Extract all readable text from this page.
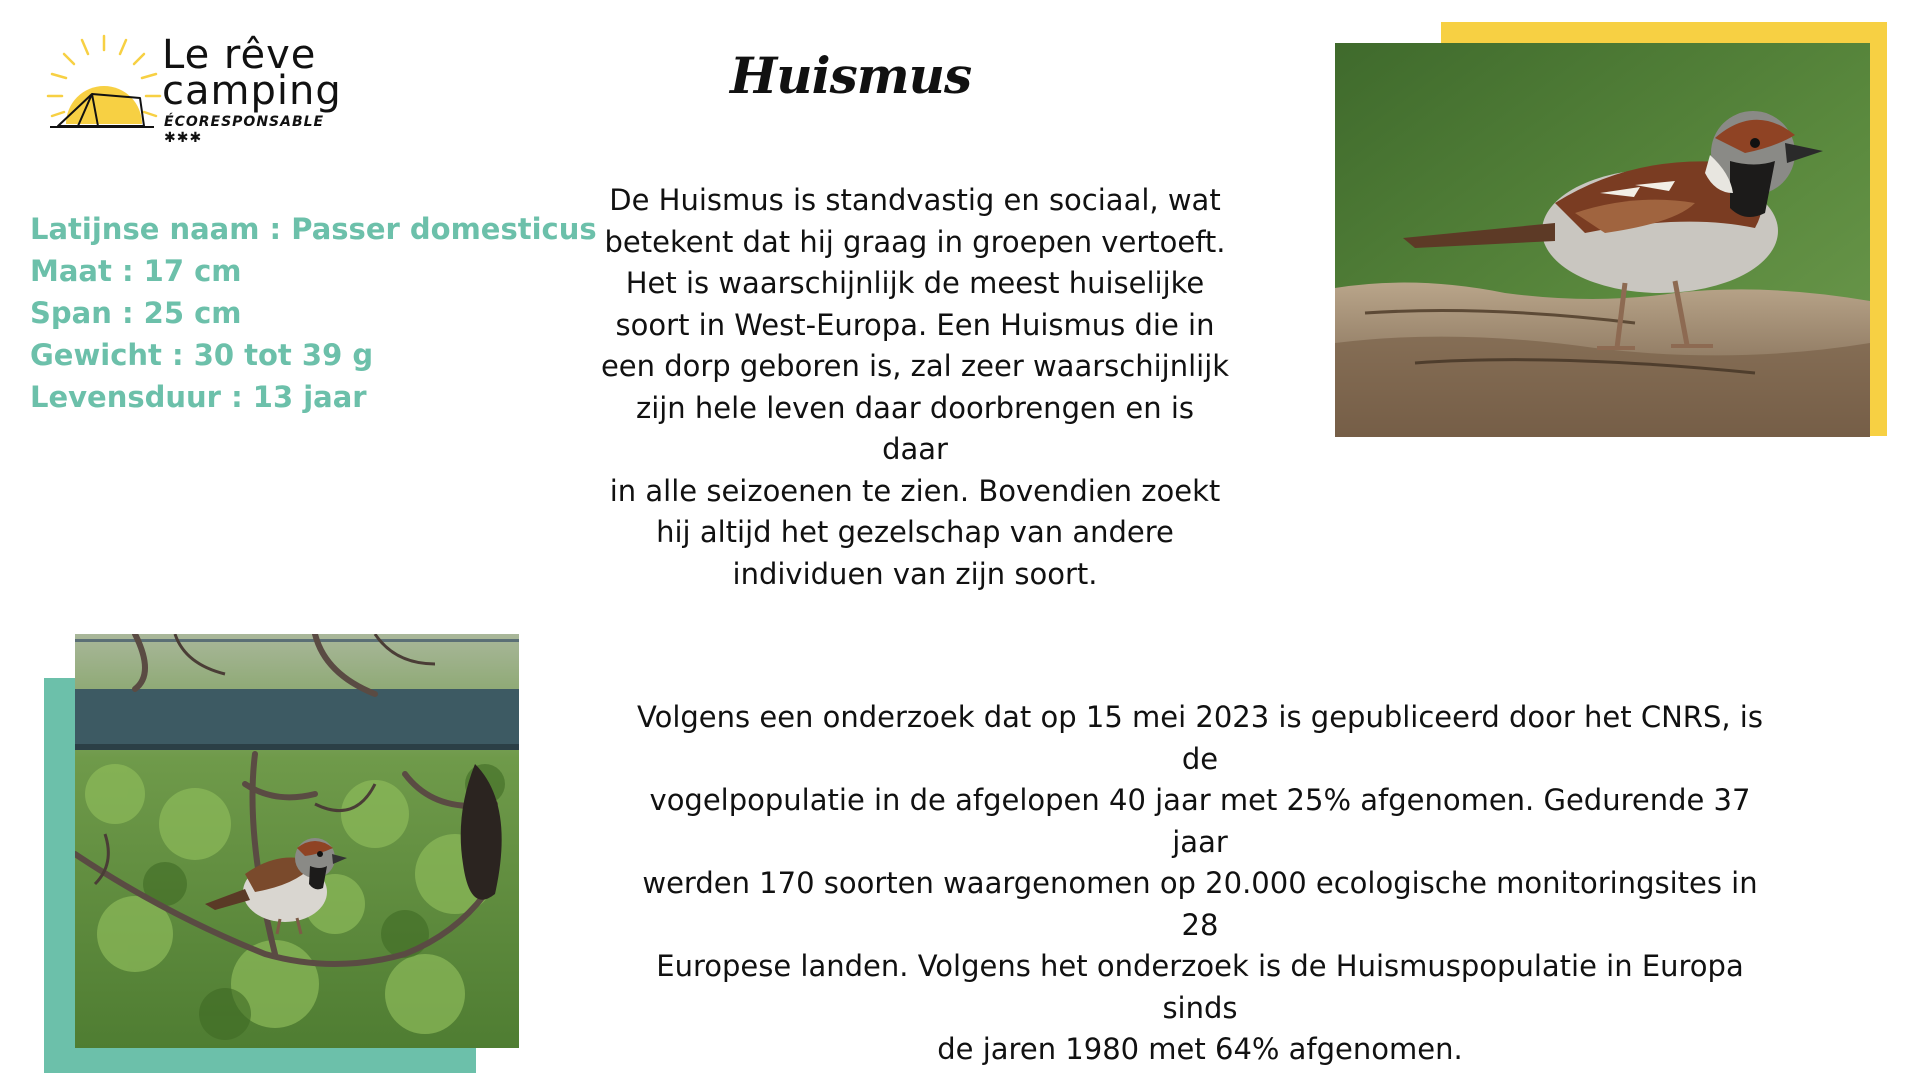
Le rêve
camping
ÉCORESPONSABLE ✱✱✱
Huismus
Latijnse naam : Passer domesticus
Maat : 17 cm
Span : 25 cm
Gewicht : 30 tot 39 g
Levensduur : 13 jaar
De Huismus is standvastig en sociaal, wat
betekent dat hij graag in groepen vertoeft.
Het is waarschijnlijk de meest huiselijke
soort in West-Europa. Een Huismus die in
een dorp geboren is, zal zeer waarschijnlijk
zijn hele leven daar doorbrengen en is daar
in alle seizoenen te zien. Bovendien zoekt
hij altijd het gezelschap van andere
individuen van zijn soort.
Volgens een onderzoek dat op 15 mei 2023 is gepubliceerd door het CNRS, is de
vogelpopulatie in de afgelopen 40 jaar met 25% afgenomen. Gedurende 37 jaar
werden 170 soorten waargenomen op 20.000 ecologische monitoringsites in 28
Europese landen. Volgens het onderzoek is de Huismuspopulatie in Europa sinds
de jaren 1980 met 64% afgenomen.
